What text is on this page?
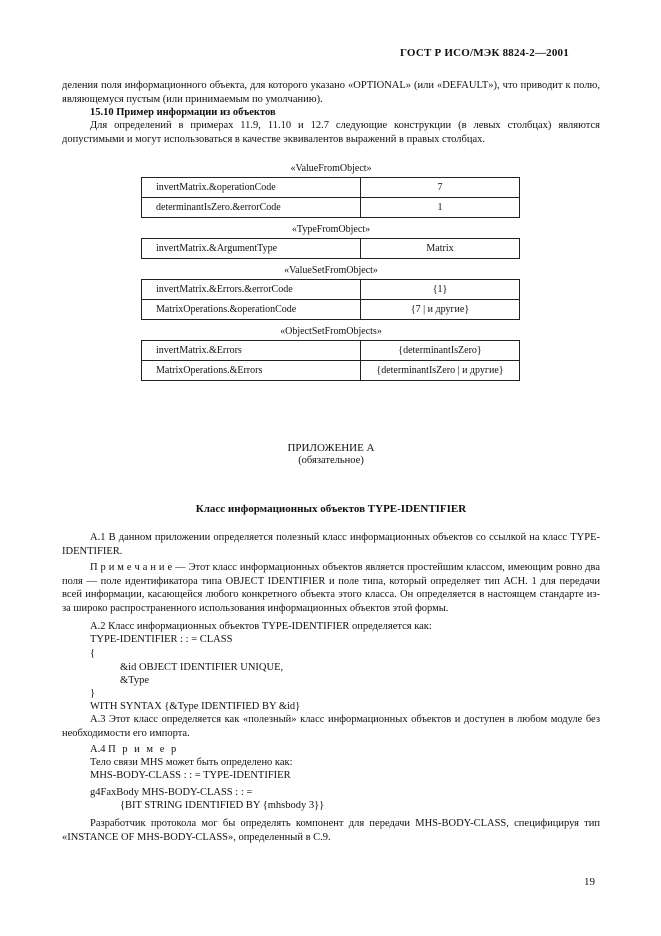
ГОСТ Р ИСО/МЭК 8824-2—2001
деления поля информационного объекта, для которого указано «OPTIONAL» (или «DEFAULT»), что приводит к полю, являющемуся пустым (или принимаемым по умолчанию).
15.10 Пример информации из объектов
Для определений в примерах 11.9, 11.10 и 12.7 следующие конструкции (в левых столбцах) являются допустимыми и могут использоваться в качестве эквивалентов выражений в правых столбцах.
«ValueFromObject»
invertMatrix.&operationCode	7
determinantIsZero.&errorCode	1
«TypeFromObject»
invertMatrix.&ArgumentType	Matrix
«ValueSetFromObject»
invertMatrix.&Errors.&errorCode	{1}
MatrixOperations.&operationCode	{7 | и другие}
«ObjectSetFromObjects»
invertMatrix.&Errors	{determinantIsZero}
MatrixOperations.&Errors	{determinantIsZero | и другие}
ПРИЛОЖЕНИЕ А
(обязательное)
Класс информационных объектов TYPE-IDENTIFIER
А.1 В данном приложении определяется полезный класс информационных объектов со ссылкой на класс TYPE-IDENTIFIER.
П р и м е ч а н и е — Этот класс информационных объектов является простейшим классом, имеющим ровно два поля — поле идентификатора типа OBJECT IDENTIFIER и поле типа, который определяет тип АСН. 1 для передачи всей информации, касающейся любого конкретного объекта этого класса. Он определяется в настоящем стандарте из-за широко распространенного использования информационных объектов этой формы.
А.2 Класс информационных объектов TYPE-IDENTIFIER определяется как:
TYPE-IDENTIFIER : : = CLASS
{
&id OBJECT IDENTIFIER UNIQUE,
&Type
}
WITH SYNTAX {&Type IDENTIFIED BY &id}
А.3 Этот класс определяется как «полезный» класс информационных объектов и доступен в любом модуле без необходимости его импорта.
А.4 П р и м е р
Тело связи MHS может быть определено как:
MHS-BODY-CLASS : : = TYPE-IDENTIFIER
g4FaxBody MHS-BODY-CLASS : : =
{BIT STRING IDENTIFIED BY {mhsbody 3}}
Разработчик протокола мог бы определять компонент для передачи MHS-BODY-CLASS, специфицируя тип «INSTANCE OF MHS-BODY-CLASS», определенный в С.9.
19
